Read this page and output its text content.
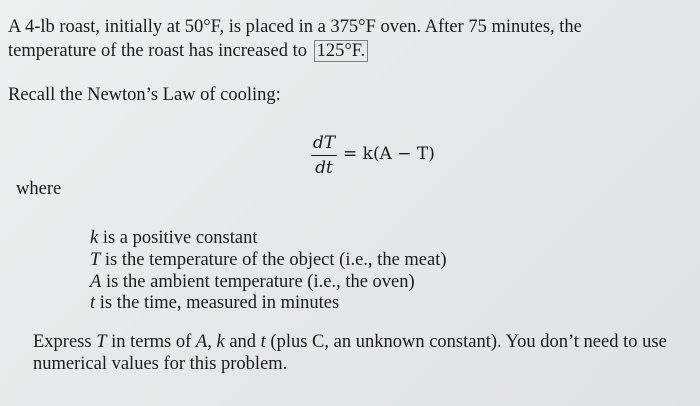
A 4-lb roast, initially at 50°F, is placed in a 375°F oven. After 75 minutes, the
temperature of the roast has increased to 125°F.
Recall the Newton’s Law of cooling:
dT
dt
= k(A − T)
where
k is a positive constant
T is the temperature of the object (i.e., the meat)
A is the ambient temperature (i.e., the oven)
t is the time, measured in minutes
Express T in terms of A, k and t (plus C, an unknown constant). You don’t need to use
numerical values for this problem.
